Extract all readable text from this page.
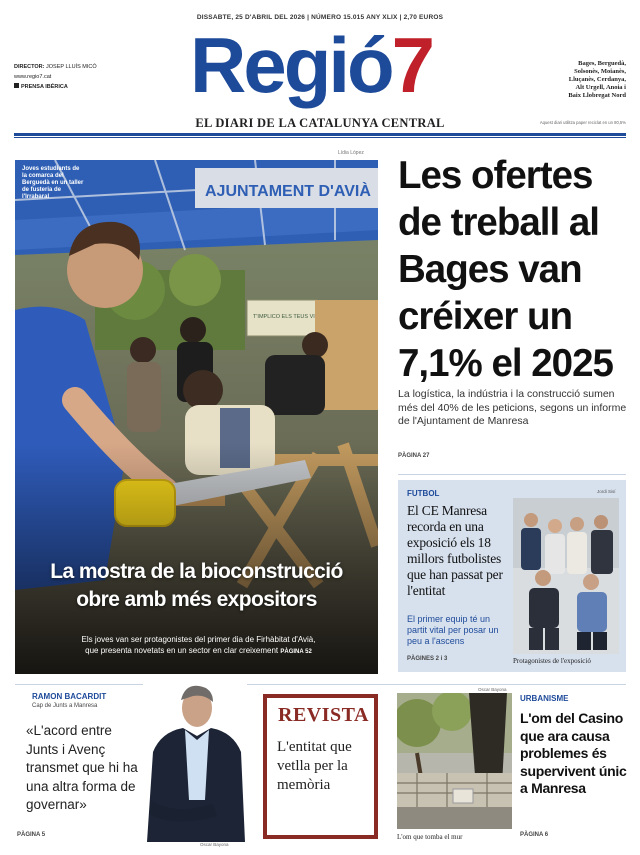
DISSABTE, 25 D'ABRIL DEL 2026 | NÚMERO 15.015 ANY XLIX | 2,70 EUROS
DIRECTOR: JOSEP LLUÍS MICÓ
www.regio7.cat
PRENSA IBÉRICA	Regió7
EL DIARI DE LA CATALUNYA CENTRAL
Bages, Berguedà,
Solsonès, Moianès,
Lluçanès, Cerdanya,
Alt Urgell, Anoia i
Baix Llobregat Nord
Aquest diari utilitza paper reciclat en un 80,5%
Lídia López
Joves estudiants de la comarca del Berguedà en un taller de fusteria de l'Irrabaral
La mostra de la bioconstrucció
obre amb més expositors
Els joves van ser protagonistes del primer dia de Firhàbitat d'Avià,
que presenta novetats en un sector en clar creixement PÀGINA 52
Les ofertes de treball al Bages van créixer un 7,1% el 2025
La logística, la indústria i la construcció sumen més del 40% de les peticions, segons un informe de l'Ajuntament de Manresa
PÀGINA 27
FUTBOL
El CE Manresa recorda en una exposició els 18 millors futbolistes que han passat per l'entitat
El primer equip té un partit vital per posar un peu a l'ascens
PÀGINES 2 i 3
Jordi Sisí
Protagonistes de l'exposició
RAMON BACARDIT
Cap de Junts a Manresa
«L'acord entre Junts i Avenç transmet que hi ha una altra forma de governar»
PÀGINA 5
Oscar Bayona
REVISTA
L'entitat que vetlla per la memòria
Oscar Bayona
L'om que tomba el mur
URBANISME
L'om del Casino que ara causa problemes és supervivent únic a Manresa
PÀGINA 6
